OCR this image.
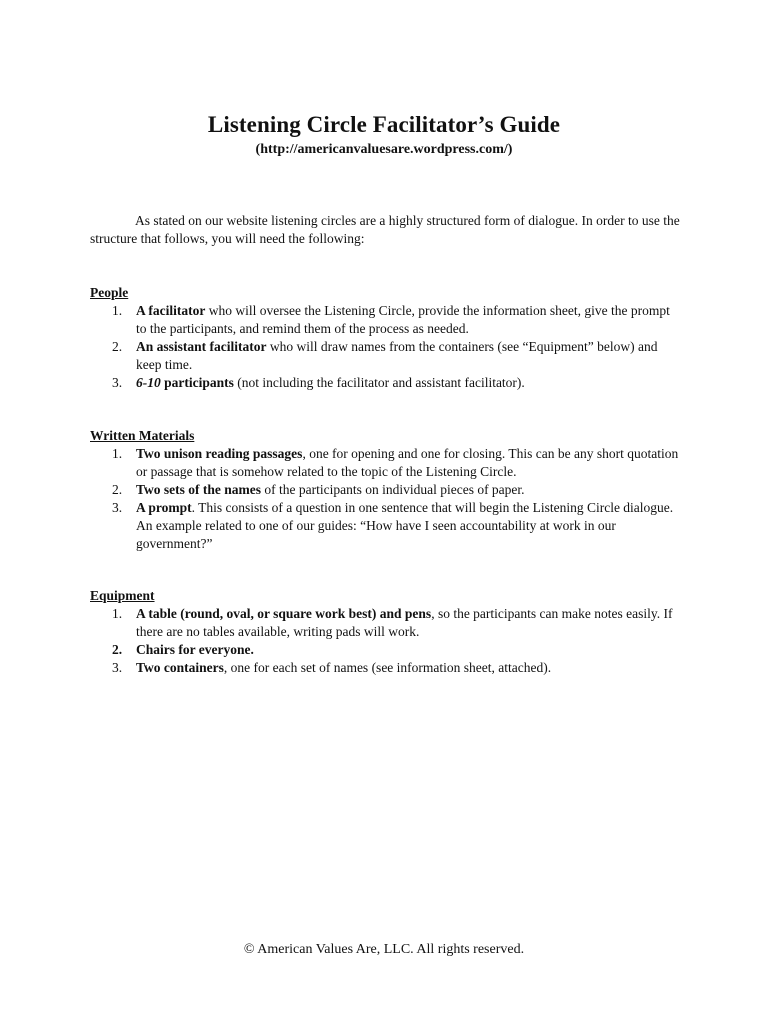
Listening Circle Facilitator’s Guide
(http://americanvaluesare.wordpress.com/)

As stated on our website listening circles are a highly structured form of dialogue. In order to use the structure that follows, you will need the following:

People

1. A facilitator who will oversee the Listening Circle, provide the information sheet, give the prompt to the participants, and remind them of the process as needed.
2. An assistant facilitator who will draw names from the containers (see “Equipment” below) and keep time.
3. 6-10 participants (not including the facilitator and assistant facilitator).

Written Materials

1. Two unison reading passages, one for opening and one for closing. This can be any short quotation or passage that is somehow related to the topic of the Listening Circle.
2. Two sets of the names of the participants on individual pieces of paper.
3. A prompt. This consists of a question in one sentence that will begin the Listening Circle dialogue. An example related to one of our guides: “How have I seen accountability at work in our government?”

Equipment

1. A table (round, oval, or square work best) and pens, so the participants can make notes easily. If there are no tables available, writing pads will work.
2. Chairs for everyone.
3. Two containers, one for each set of names (see information sheet, attached).
© American Values Are, LLC. All rights reserved.
